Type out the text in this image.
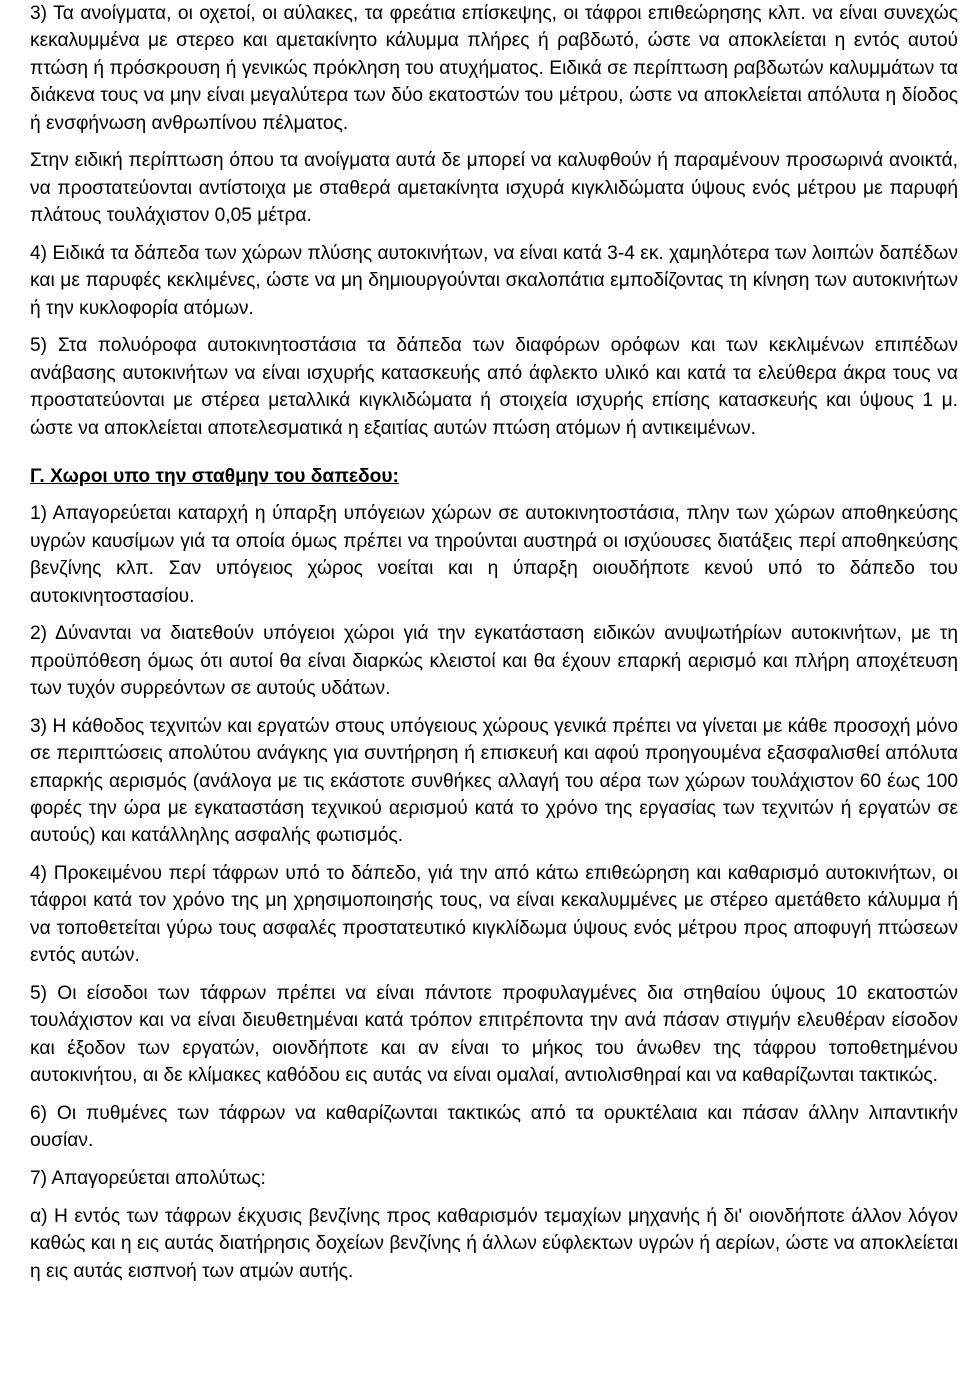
3) Τα ανοίγματα, οι οχετοί, οι αύλακες, τα φρεάτια επίσκεψης, οι τάφροι επιθεώρησης κλπ. να είναι συνεχώς κεκαλυμμένα με στερεο και αμετακίνητο κάλυμμα πλήρες ή ραβδωτό, ώστε να αποκλείεται η εντός αυτού πτώση ή πρόσκρουση ή γενικώς πρόκληση του ατυχήματος. Ειδικά σε περίπτωση ραβδωτών καλυμμάτων τα διάκενα τους να μην είναι μεγαλύτερα των δύο εκατοστών του μέτρου, ώστε να αποκλείεται απόλυτα η δίοδος ή ενσφήνωση ανθρωπίνου πέλματος.

Στην ειδική περίπτωση όπου τα ανοίγματα αυτά δε μπορεί να καλυφθούν ή παραμένουν προσωρινά ανοικτά, να προστατεύονται αντίστοιχα με σταθερά αμετακίνητα ισχυρά κιγκλιδώματα ύψους ενός μέτρου με παρυφή πλάτους τουλάχιστον 0,05 μέτρα.

4) Ειδικά τα δάπεδα των χώρων πλύσης αυτοκινήτων, να είναι κατά 3-4 εκ. χαμηλότερα των λοιπών δαπέδων και με παρυφές κεκλιμένες, ώστε να μη δημιουργούνται σκαλοπάτια εμποδίζοντας τη κίνηση των αυτοκινήτων ή την κυκλοφορία ατόμων.

5) Στα πολυόροφα αυτοκινητοστάσια τα δάπεδα των διαφόρων ορόφων και των κεκλιμένων επιπέδων ανάβασης αυτοκινήτων να είναι ισχυρής κατασκευής από άφλεκτο υλικό και κατά τα ελεύθερα άκρα τους να προστατεύονται με στέρεα μεταλλικά κιγκλιδώματα ή στοιχεία ισχυρής επίσης κατασκευής και ύψους 1 μ. ώστε να αποκλείεται αποτελεσματικά η εξαιτίας αυτών πτώση ατόμων ή αντικειμένων.

Γ. Χωροι υπο την σταθμην του δαπεδου:

1) Απαγορεύεται καταρχή η ύπαρξη υπόγειων χώρων σε αυτοκινητοστάσια, πλην των χώρων αποθηκεύσης υγρών καυσίμων γιά τα οποία όμως πρέπει να τηρούνται αυστηρά οι ισχύουσες διατάξεις περί αποθηκεύσης βενζίνης κλπ. Σαν υπόγειος χώρος νοείται και η ύπαρξη οιουδήποτε κενού υπό το δάπεδο του αυτοκινητοστασίου.

2) Δύνανται να διατεθούν υπόγειοι χώροι γιά την εγκατάσταση ειδικών ανυψωτήρίων αυτοκινήτων, με τη προϋπόθεση όμως ότι αυτοί θα είναι διαρκώς κλειστοί και θα έχουν επαρκή αερισμό και πλήρη αποχέτευση των τυχόν συρρεόντων σε αυτούς υδάτων.

3) Η κάθοδος τεχνιτών και εργατών στους υπόγειους χώρους γενικά πρέπει να γίνεται με κάθε προσοχή μόνο σε περιπτώσεις απολύτου ανάγκης για συντήρηση ή επισκευή και αφού προηγουμένα εξασφαλισθεί απόλυτα επαρκής αερισμός (ανάλογα με τις εκάστοτε συνθήκες αλλαγή του αέρα των χώρων τουλάχιστον 60 έως 100 φορές την ώρα με εγκαταστάση τεχνικού αερισμού κατά το χρόνο της εργασίας των τεχνιτών ή εργατών σε αυτούς) και κατάλληλης ασφαλής φωτισμός.

4) Προκειμένου περί τάφρων υπό το δάπεδο, γιά την από κάτω επιθεώρηση και καθαρισμό αυτοκινήτων, οι τάφροι κατά τον χρόνο της μη χρησιμοποιησής τους, να είναι κεκαλυμμένες με στέρεο αμετάθετο κάλυμμα ή να τοποθετείται γύρω τους ασφαλές προστατευτικό κιγκλίδωμα ύψους ενός μέτρου προς αποφυγή πτώσεων εντός αυτών.

5) Οι είσοδοι των τάφρων πρέπει να είναι πάντοτε προφυλαγμένες δια στηθαίου ύψους 10 εκατοστών τουλάχιστον και να είναι διευθετημέναι κατά τρόπον επιτρέποντα την ανά πάσαν στιγμήν ελευθέραν είσοδον και έξοδον των εργατών, οιονδήποτε και αν είναι το μήκος του άνωθεν της τάφρου τοποθετημένου αυτοκινήτου, αι δε κλίμακες καθόδου εις αυτάς να είναι ομαλαί, αντιολισθηραί και να καθαρίζωνται τακτικώς.

6) Οι πυθμένες των τάφρων να καθαρίζωνται τακτικώς από τα ορυκτέλαια και πάσαν άλλην λιπαντικήν ουσίαν.

7) Απαγορεύεται απολύτως:

α) Η εντός των τάφρων έκχυσις βενζίνης προς καθαρισμόν τεμαχίων μηχανής ή δι' οιονδήποτε άλλον λόγον καθώς και η εις αυτάς διατήρησις δοχείων βενζίνης ή άλλων εύφλεκτων υγρών ή αερίων, ώστε να αποκλείεται η εις αυτάς εισπνοή των ατμών αυτής.
